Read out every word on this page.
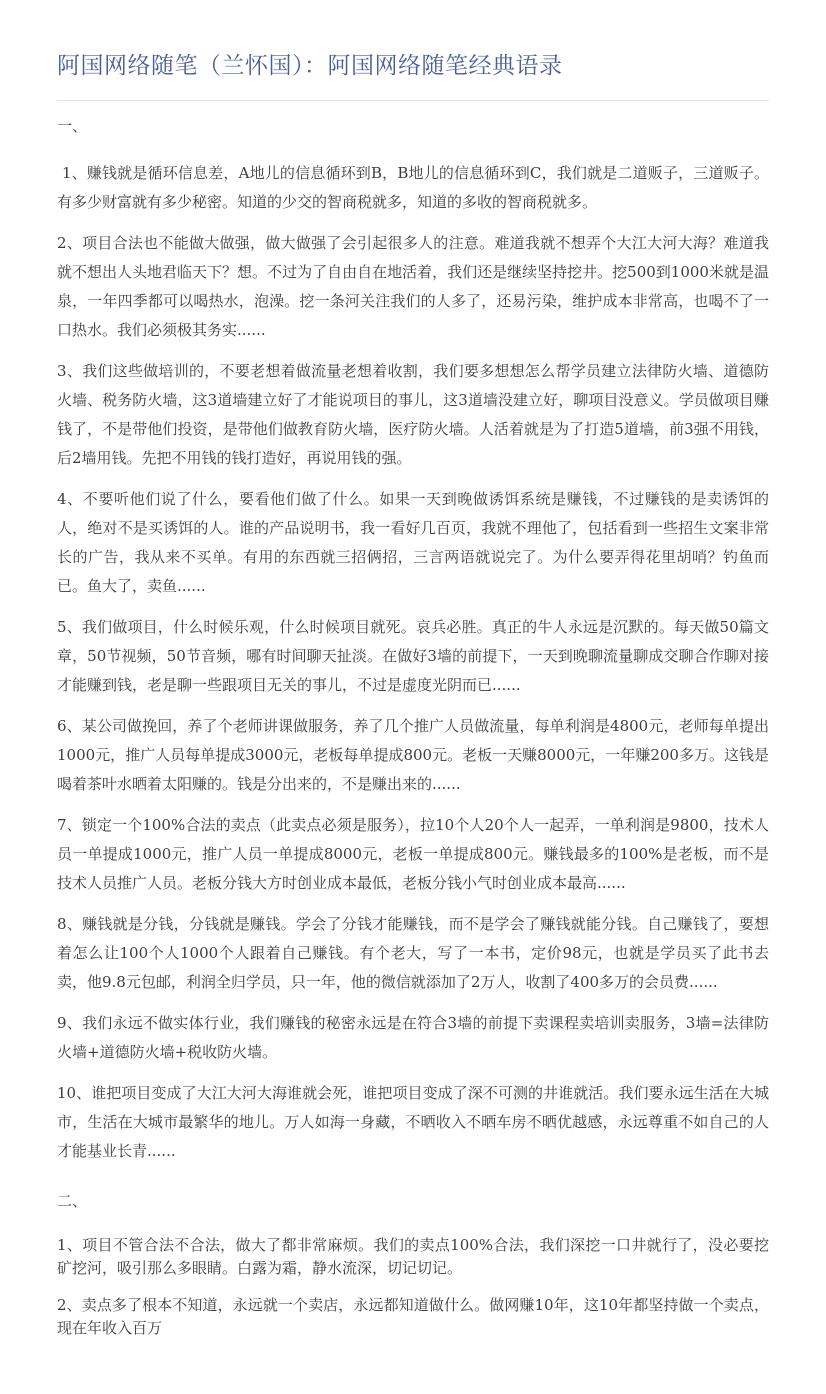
阿国网络随笔（兰怀国）：阿国网络随笔经典语录
一、

1、赚钱就是循环信息差，A地儿的信息循环到B，B地儿的信息循环到C，我们就是二道贩子，三道贩子。有多少财富就有多少秘密。知道的少交的智商税就多，知道的多收的智商税就多。

2、项目合法也不能做大做强，做大做强了会引起很多人的注意。难道我就不想弄个大江大河大海？难道我就不想出人头地君临天下？想。不过为了自由自在地活着，我们还是继续坚持挖井。挖500到1000米就是温泉，一年四季都可以喝热水，泡澡。挖一条河关注我们的人多了，还易污染，维护成本非常高，也喝不了一口热水。我们必须极其务实......

3、我们这些做培训的，不要老想着做流量老想着收割，我们要多想想怎么帮学员建立法律防火墙、道德防火墙、税务防火墙，这3道墙建立好了才能说项目的事儿，这3道墙没建立好，聊项目没意义。学员做项目赚钱了，不是带他们投资，是带他们做教育防火墙，医疗防火墙。人活着就是为了打造5道墙，前3强不用钱，后2墙用钱。先把不用钱的钱打造好，再说用钱的强。

4、不要听他们说了什么，要看他们做了什么。如果一天到晚做诱饵系统是赚钱，不过赚钱的是卖诱饵的人，绝对不是买诱饵的人。谁的产品说明书，我一看好几百页，我就不理他了，包括看到一些招生文案非常长的广告，我从来不买单。有用的东西就三招俩招，三言两语就说完了。为什么要弄得花里胡哨？钓鱼而已。鱼大了，卖鱼......

5、我们做项目，什么时候乐观，什么时候项目就死。哀兵必胜。真正的牛人永远是沉默的。每天做50篇文章，50节视频，50节音频，哪有时间聊天扯淡。在做好3墙的前提下，一天到晚聊流量聊成交聊合作聊对接才能赚到钱，老是聊一些跟项目无关的事儿，不过是虚度光阴而已......

6、某公司做挽回，养了个老师讲课做服务，养了几个推广人员做流量，每单利润是4800元，老师每单提出1000元，推广人员每单提成3000元，老板每单提成800元。老板一天赚8000元，一年赚200多万。这钱是喝着茶叶水晒着太阳赚的。钱是分出来的，不是赚出来的......

7、锁定一个100%合法的卖点（此卖点必须是服务），拉10个人20个人一起弄，一单利润是9800，技术人员一单提成1000元，推广人员一单提成8000元，老板一单提成800元。赚钱最多的100%是老板，而不是技术人员推广人员。老板分钱大方时创业成本最低，老板分钱小气时创业成本最高......

8、赚钱就是分钱，分钱就是赚钱。学会了分钱才能赚钱，而不是学会了赚钱就能分钱。自己赚钱了，要想着怎么让100个人1000个人跟着自己赚钱。有个老大，写了一本书，定价98元，也就是学员买了此书去卖，他9.8元包邮，利润全归学员，只一年，他的微信就添加了2万人，收割了400多万的会员费......

9、我们永远不做实体行业，我们赚钱的秘密永远是在符合3墙的前提下卖课程卖培训卖服务，3墙=法律防火墙+道德防火墙+税收防火墙。

10、谁把项目变成了大江大河大海谁就会死，谁把项目变成了深不可测的井谁就活。我们要永远生活在大城市，生活在大城市最繁华的地儿。万人如海一身藏，不晒收入不晒车房不晒优越感，永远尊重不如自己的人才能基业长青......

二、

1、项目不管合法不合法，做大了都非常麻烦。我们的卖点100%合法，我们深挖一口井就行了，没必要挖矿挖河，吸引那么多眼睛。白露为霜，静水流深，切记切记。

2、卖点多了根本不知道，永远就一个卖店，永远都知道做什么。做网赚10年，这10年都坚持做一个卖点，现在年收入百万
